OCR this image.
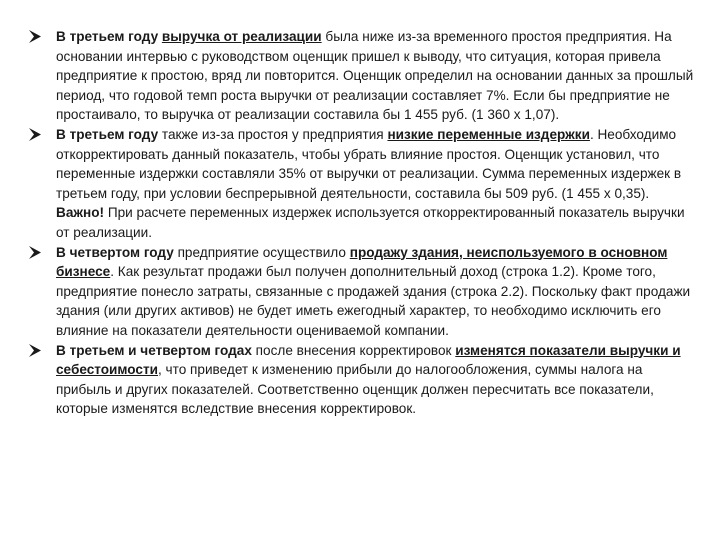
В третьем году выручка от реализации была ниже из-за временного простоя предприятия. На основании интервью с руководством оценщик пришел к выводу, что ситуация, которая привела предприятие к простою, вряд ли повторится. Оценщик определил на основании данных за прошлый период, что годовой темп роста выручки от реализации составляет 7%. Если бы предприятие не простаивало, то выручка от реализации составила бы 1 455 руб. (1 360 х 1,07).
В третьем году также из-за простоя у предприятия низкие переменные издержки. Необходимо откорректировать данный показатель, чтобы убрать влияние простоя. Оценщик установил, что переменные издержки составляли 35% от выручки от реализации. Сумма переменных издержек в третьем году, при условии беспрерывной деятельности, составила бы 509 руб. (1 455 х 0,35). Важно! При расчете переменных издержек используется откорректированный показатель выручки от реализации.
В четвертом году предприятие осуществило продажу здания, неиспользуемого в основном бизнесе. Как результат продажи был получен дополнительный доход (строка 1.2). Кроме того, предприятие понесло затраты, связанные с продажей здания (строка 2.2). Поскольку факт продажи здания (или других активов) не будет иметь ежегодный характер, то необходимо исключить его влияние на показатели деятельности оцениваемой компании.
В третьем и четвертом годах после внесения корректировок изменятся показатели выручки и себестоимости, что приведет к изменению прибыли до налогообложения, суммы налога на прибыль и других показателей. Соответственно оценщик должен пересчитать все показатели, которые изменятся вследствие внесения корректировок.
